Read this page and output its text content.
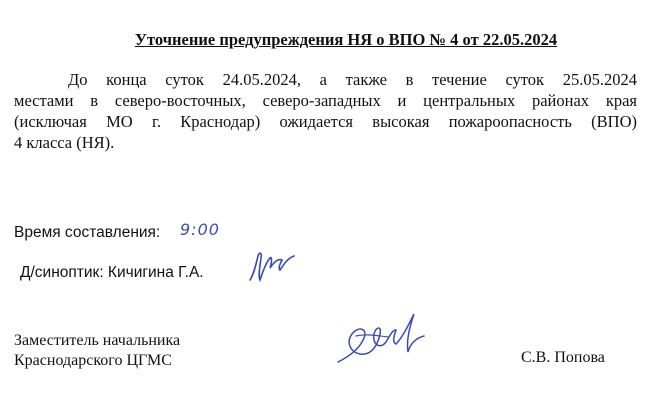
Уточнение предупреждения НЯ о ВПО № 4 от 22.05.2024
До конца суток 24.05.2024, а также в течение суток 25.05.2024
местами в северо-восточных, северо-западных и центральных районах края
(исключая МО г. Краснодар) ожидается высокая пожароопасность (ВПО)
4 класса (НЯ).
Время составления: 9:00
Д/синоптик: Кичигина Г.А.
Заместитель начальника
Краснодарского ЦГМС	С.В. Попова
